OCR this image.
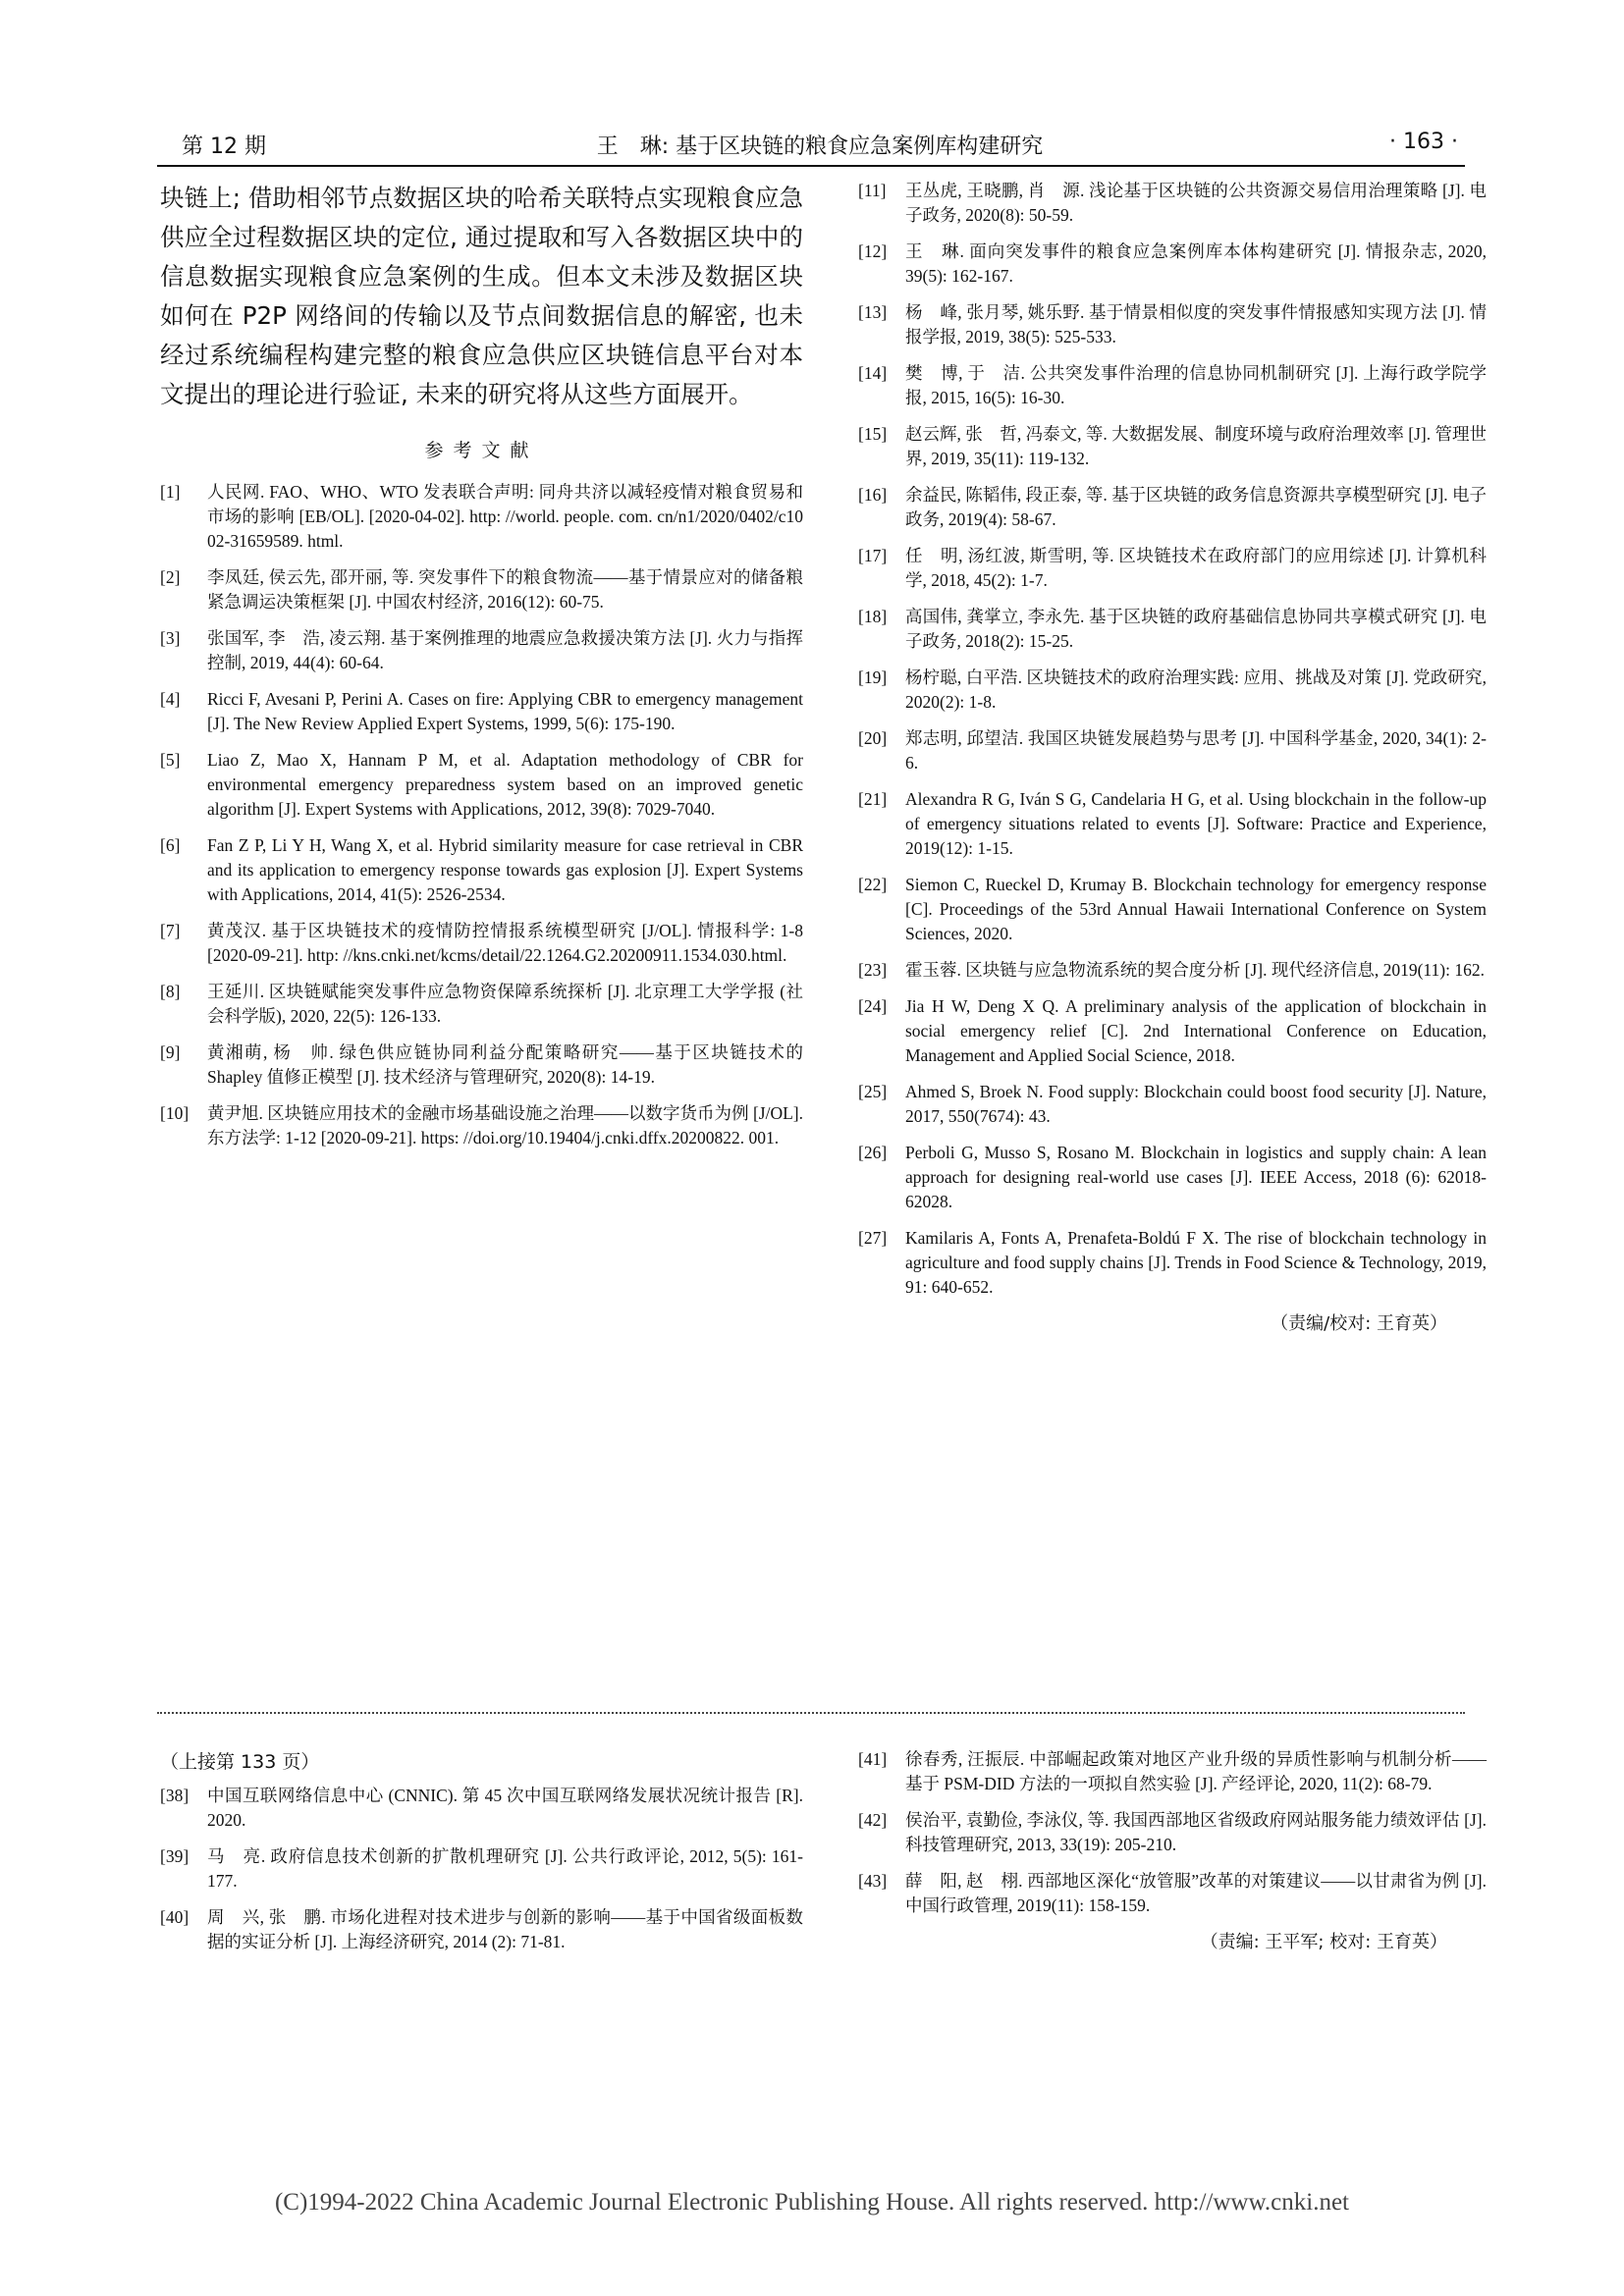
第 12 期	王　琳: 基于区块链的粮食应急案例库构建研究	· 163 ·

块链上; 借助相邻节点数据区块的哈希关联特点实现粮食应急供应全过程数据区块的定位, 通过提取和写入各数据区块中的信息数据实现粮食应急案例的生成。但本文未涉及数据区块如何在 P2P 网络间的传输以及节点间数据信息的解密, 也未经过系统编程构建完整的粮食应急供应区块链信息平台对本文提出的理论进行验证, 未来的研究将从这些方面展开。

参考文献
[1]	人民网. FAO、WHO、WTO 发表联合声明: 同舟共济以减轻疫情对粮食贸易和市场的影响 [EB/OL]. [2020-04-02]. http: //world. people. com. cn/n1/2020/0402/c10 02-31659589. html.
[2]	李凤廷, 侯云先, 邵开丽, 等. 突发事件下的粮食物流——基于情景应对的储备粮紧急调运决策框架 [J]. 中国农村经济, 2016(12): 60-75.
[3]	张国军, 李　浩, 凌云翔. 基于案例推理的地震应急救援决策方法 [J]. 火力与指挥控制, 2019, 44(4): 60-64.
[4]	Ricci F, Avesani P, Perini A. Cases on fire: Applying CBR to emergency management [J]. The New Review Applied Expert Systems, 1999, 5(6): 175-190.
[5]	Liao Z, Mao X, Hannam P M, et al. Adaptation methodology of CBR for environmental emergency preparedness system based on an improved genetic algorithm [J]. Expert Systems with Applications, 2012, 39(8): 7029-7040.
[6]	Fan Z P, Li Y H, Wang X, et al. Hybrid similarity measure for case retrieval in CBR and its application to emergency response towards gas explosion [J]. Expert Systems with Applications, 2014, 41(5): 2526-2534.
[7]	黄茂汉. 基于区块链技术的疫情防控情报系统模型研究 [J/OL]. 情报科学: 1-8 [2020-09-21]. http: //kns.cnki.net/kcms/detail/22.1264.G2.20200911.1534.030.html.
[8]	王延川. 区块链赋能突发事件应急物资保障系统探析 [J]. 北京理工大学学报 (社会科学版), 2020, 22(5): 126-133.
[9]	黄湘萌, 杨　帅. 绿色供应链协同利益分配策略研究——基于区块链技术的 Shapley 值修正模型 [J]. 技术经济与管理研究, 2020(8): 14-19.
[10]	黄尹旭. 区块链应用技术的金融市场基础设施之治理——以数字货币为例 [J/OL]. 东方法学: 1-12 [2020-09-21]. https: //doi.org/10.19404/j.cnki.dffx.20200822. 001.
[11]	王丛虎, 王晓鹏, 肖　源. 浅论基于区块链的公共资源交易信用治理策略 [J]. 电子政务, 2020(8): 50-59.
[12]	王　琳. 面向突发事件的粮食应急案例库本体构建研究 [J]. 情报杂志, 2020, 39(5): 162-167.
[13]	杨　峰, 张月琴, 姚乐野. 基于情景相似度的突发事件情报感知实现方法 [J]. 情报学报, 2019, 38(5): 525-533.
[14]	樊　博, 于　洁. 公共突发事件治理的信息协同机制研究 [J]. 上海行政学院学报, 2015, 16(5): 16-30.
[15]	赵云辉, 张　哲, 冯泰文, 等. 大数据发展、制度环境与政府治理效率 [J]. 管理世界, 2019, 35(11): 119-132.
[16]	余益民, 陈韬伟, 段正泰, 等. 基于区块链的政务信息资源共享模型研究 [J]. 电子政务, 2019(4): 58-67.
[17]	任　明, 汤红波, 斯雪明, 等. 区块链技术在政府部门的应用综述 [J]. 计算机科学, 2018, 45(2): 1-7.
[18]	高国伟, 龚掌立, 李永先. 基于区块链的政府基础信息协同共享模式研究 [J]. 电子政务, 2018(2): 15-25.
[19]	杨柠聪, 白平浩. 区块链技术的政府治理实践: 应用、挑战及对策 [J]. 党政研究, 2020(2): 1-8.
[20]	郑志明, 邱望洁. 我国区块链发展趋势与思考 [J]. 中国科学基金, 2020, 34(1): 2-6.
[21]	Alexandra R G, Iván S G, Candelaria H G, et al. Using blockchain in the follow-up of emergency situations related to events [J]. Software: Practice and Experience, 2019(12): 1-15.
[22]	Siemon C, Rueckel D, Krumay B. Blockchain technology for emergency response [C]. Proceedings of the 53rd Annual Hawaii International Conference on System Sciences, 2020.
[23]	霍玉蓉. 区块链与应急物流系统的契合度分析 [J]. 现代经济信息, 2019(11): 162.
[24]	Jia H W, Deng X Q. A preliminary analysis of the application of blockchain in social emergency relief [C]. 2nd International Conference on Education, Management and Applied Social Science, 2018.
[25]	Ahmed S, Broek N. Food supply: Blockchain could boost food security [J]. Nature, 2017, 550(7674): 43.
[26]	Perboli G, Musso S, Rosano M. Blockchain in logistics and supply chain: A lean approach for designing real-world use cases [J]. IEEE Access, 2018 (6): 62018-62028.
[27]	Kamilaris A, Fonts A, Prenafeta-Boldú F X. The rise of blockchain technology in agriculture and food supply chains [J]. Trends in Food Science & Technology, 2019, 91: 640-652.
（责编/校对: 王育英）
（上接第 133 页）
[38]	中国互联网络信息中心 (CNNIC). 第 45 次中国互联网络发展状况统计报告 [R]. 2020.
[39]	马　亮. 政府信息技术创新的扩散机理研究 [J]. 公共行政评论, 2012, 5(5): 161-177.
[40]	周　兴, 张　鹏. 市场化进程对技术进步与创新的影响——基于中国省级面板数据的实证分析 [J]. 上海经济研究, 2014 (2): 71-81.
[41]	徐春秀, 汪振辰. 中部崛起政策对地区产业升级的异质性影响与机制分析——基于 PSM-DID 方法的一项拟自然实验 [J]. 产经评论, 2020, 11(2): 68-79.
[42]	侯治平, 袁勤俭, 李泳仪, 等. 我国西部地区省级政府网站服务能力绩效评估 [J]. 科技管理研究, 2013, 33(19): 205-210.
[43]	薛　阳, 赵　栩. 西部地区深化“放管服”改革的对策建议——以甘肃省为例 [J]. 中国行政管理, 2019(11): 158-159.
（责编: 王平军; 校对: 王育英）
(C)1994-2022 China Academic Journal Electronic Publishing House. All rights reserved. http://www.cnki.net
